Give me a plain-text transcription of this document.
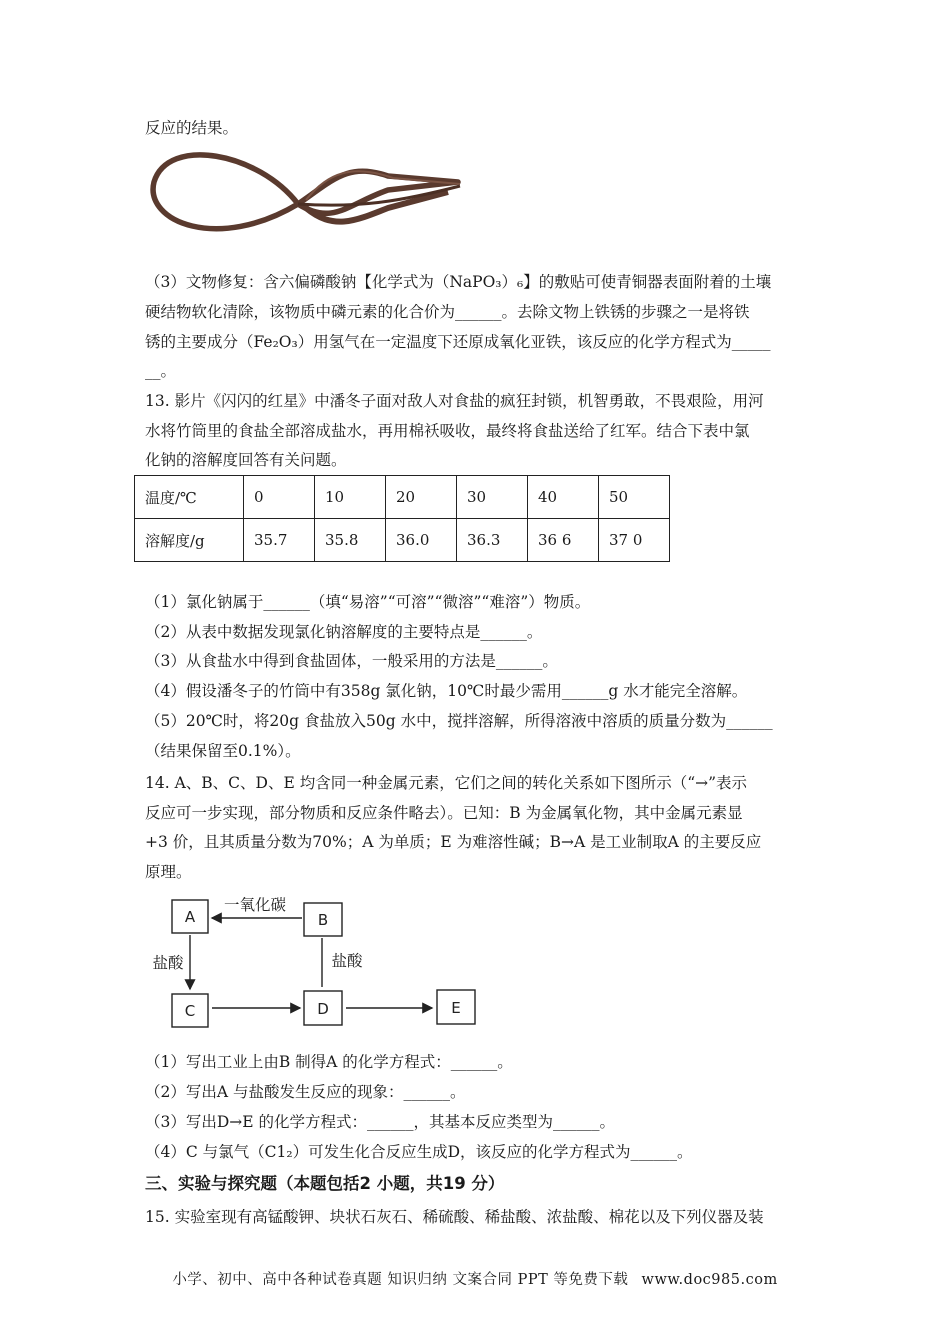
反应的结果。
（3）文物修复：含六偏磷酸钠【化学式为（NaPO₃）₆】的敷贴可使青铜器表面附着的土壤
硬结物软化清除，该物质中磷元素的化合价为______。去除文物上铁锈的步骤之一是将铁
锈的主要成分（Fe₂O₃）用氢气在一定温度下还原成氧化亚铁，该反应的化学方程式为_____
__。
13. 影片《闪闪的红星》中潘冬子面对敌人对食盐的疯狂封锁，机智勇敢，不畏艰险，用河
水将竹筒里的食盐全部溶成盐水，再用棉袄吸收，最终将食盐送给了红军。结合下表中氯
化钠的溶解度回答有关问题。
温度/℃	0	10	20	30	40	50
溶解度/g	35.7	35.8	36.0	36.3	36 6	37 0
（1）氯化钠属于______（填“易溶”“可溶”“微溶”“难溶”）物质。
（2）从表中数据发现氯化钠溶解度的主要特点是______。
（3）从食盐水中得到食盐固体，一般采用的方法是______。
（4）假设潘冬子的竹筒中有358g 氯化钠，10℃时最少需用______g 水才能完全溶解。
（5）20℃时，将20g 食盐放入50g 水中，搅拌溶解，所得溶液中溶质的质量分数为______
（结果保留至0.1%）。
14. A、B、C、D、E 均含同一种金属元素，它们之间的转化关系如下图所示（“→”表示
反应可一步实现，部分物质和反应条件略去）。已知：B 为金属氧化物，其中金属元素显
+3 价，且其质量分数为70%；A 为单质；E 为难溶性碱；B→A 是工业制取A 的主要反应
原理。
A	B
C	D	E
一氧化碳
盐酸	盐酸
（1）写出工业上由B 制得A 的化学方程式：______。
（2）写出A 与盐酸发生反应的现象：______。
（3）写出D→E 的化学方程式：______，其基本反应类型为______。
（4）C 与氯气（C1₂）可发生化合反应生成D，该反应的化学方程式为______。
三、实验与探究题（本题包括2 小题，共19 分）
15. 实验室现有高锰酸钾、块状石灰石、稀硫酸、稀盐酸、浓盐酸、棉花以及下列仪器及装
小学、初中、高中各种试卷真题 知识归纳 文案合同 PPT 等免费下载 www.doc985.com
